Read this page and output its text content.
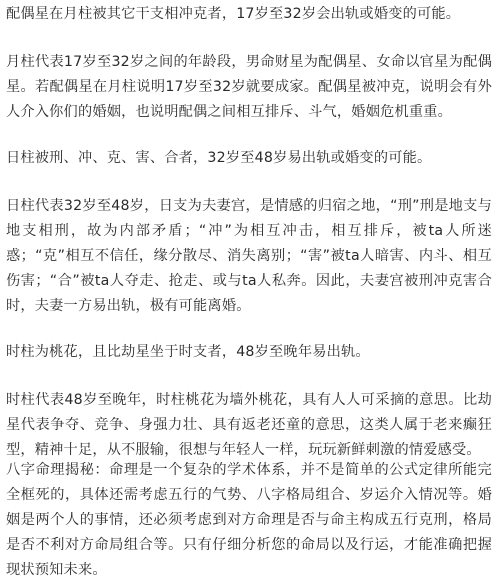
配偶星在月柱被其它干支相冲克者，17岁至32岁会出轨或婚变的可能。

月柱代表17岁至32岁之间的年龄段，男命财星为配偶星、女命以官星为配偶星。若配偶星在月柱说明17岁至32岁就要成家。配偶星被冲克，说明会有外人介入你们的婚姻，也说明配偶之间相互排斥、斗气，婚姻危机重重。

日柱被刑、冲、克、害、合者，32岁至48岁易出轨或婚变的可能。

日柱代表32岁至48岁，日支为夫妻宫，是情感的归宿之地，“刑”刑是地支与地支相刑，故为内部矛盾；“冲”为相互冲击，相互排斥，被ta人所迷惑；“克”相互不信任，缘分散尽、消失离别；“害”被ta人暗害、内斗、相互伤害；“合”被ta人夺走、抢走、或与ta人私奔。因此，夫妻宫被刑冲克害合时，夫妻一方易出轨，极有可能离婚。

时柱为桃花，且比劫星坐于时支者，48岁至晚年易出轨。

时柱代表48岁至晚年，时柱桃花为墙外桃花，具有人人可采摘的意思。比劫星代表争夺、竞争、身强力壮、具有返老还童的意思，这类人属于老来癫狂型，精神十足，从不服输，很想与年轻人一样，玩玩新鲜刺激的情爱感受。

八字命理揭秘：命理是一个复杂的学术体系，并不是简单的公式定律所能完全框死的，具体还需考虑五行的气势、八字格局组合、岁运介入情况等。婚姻是两个人的事情，还必须考虑到对方命理是否与命主构成五行克刑，格局是否不利对方命局组合等。只有仔细分析您的命局以及行运，才能准确把握现状预知未来。
